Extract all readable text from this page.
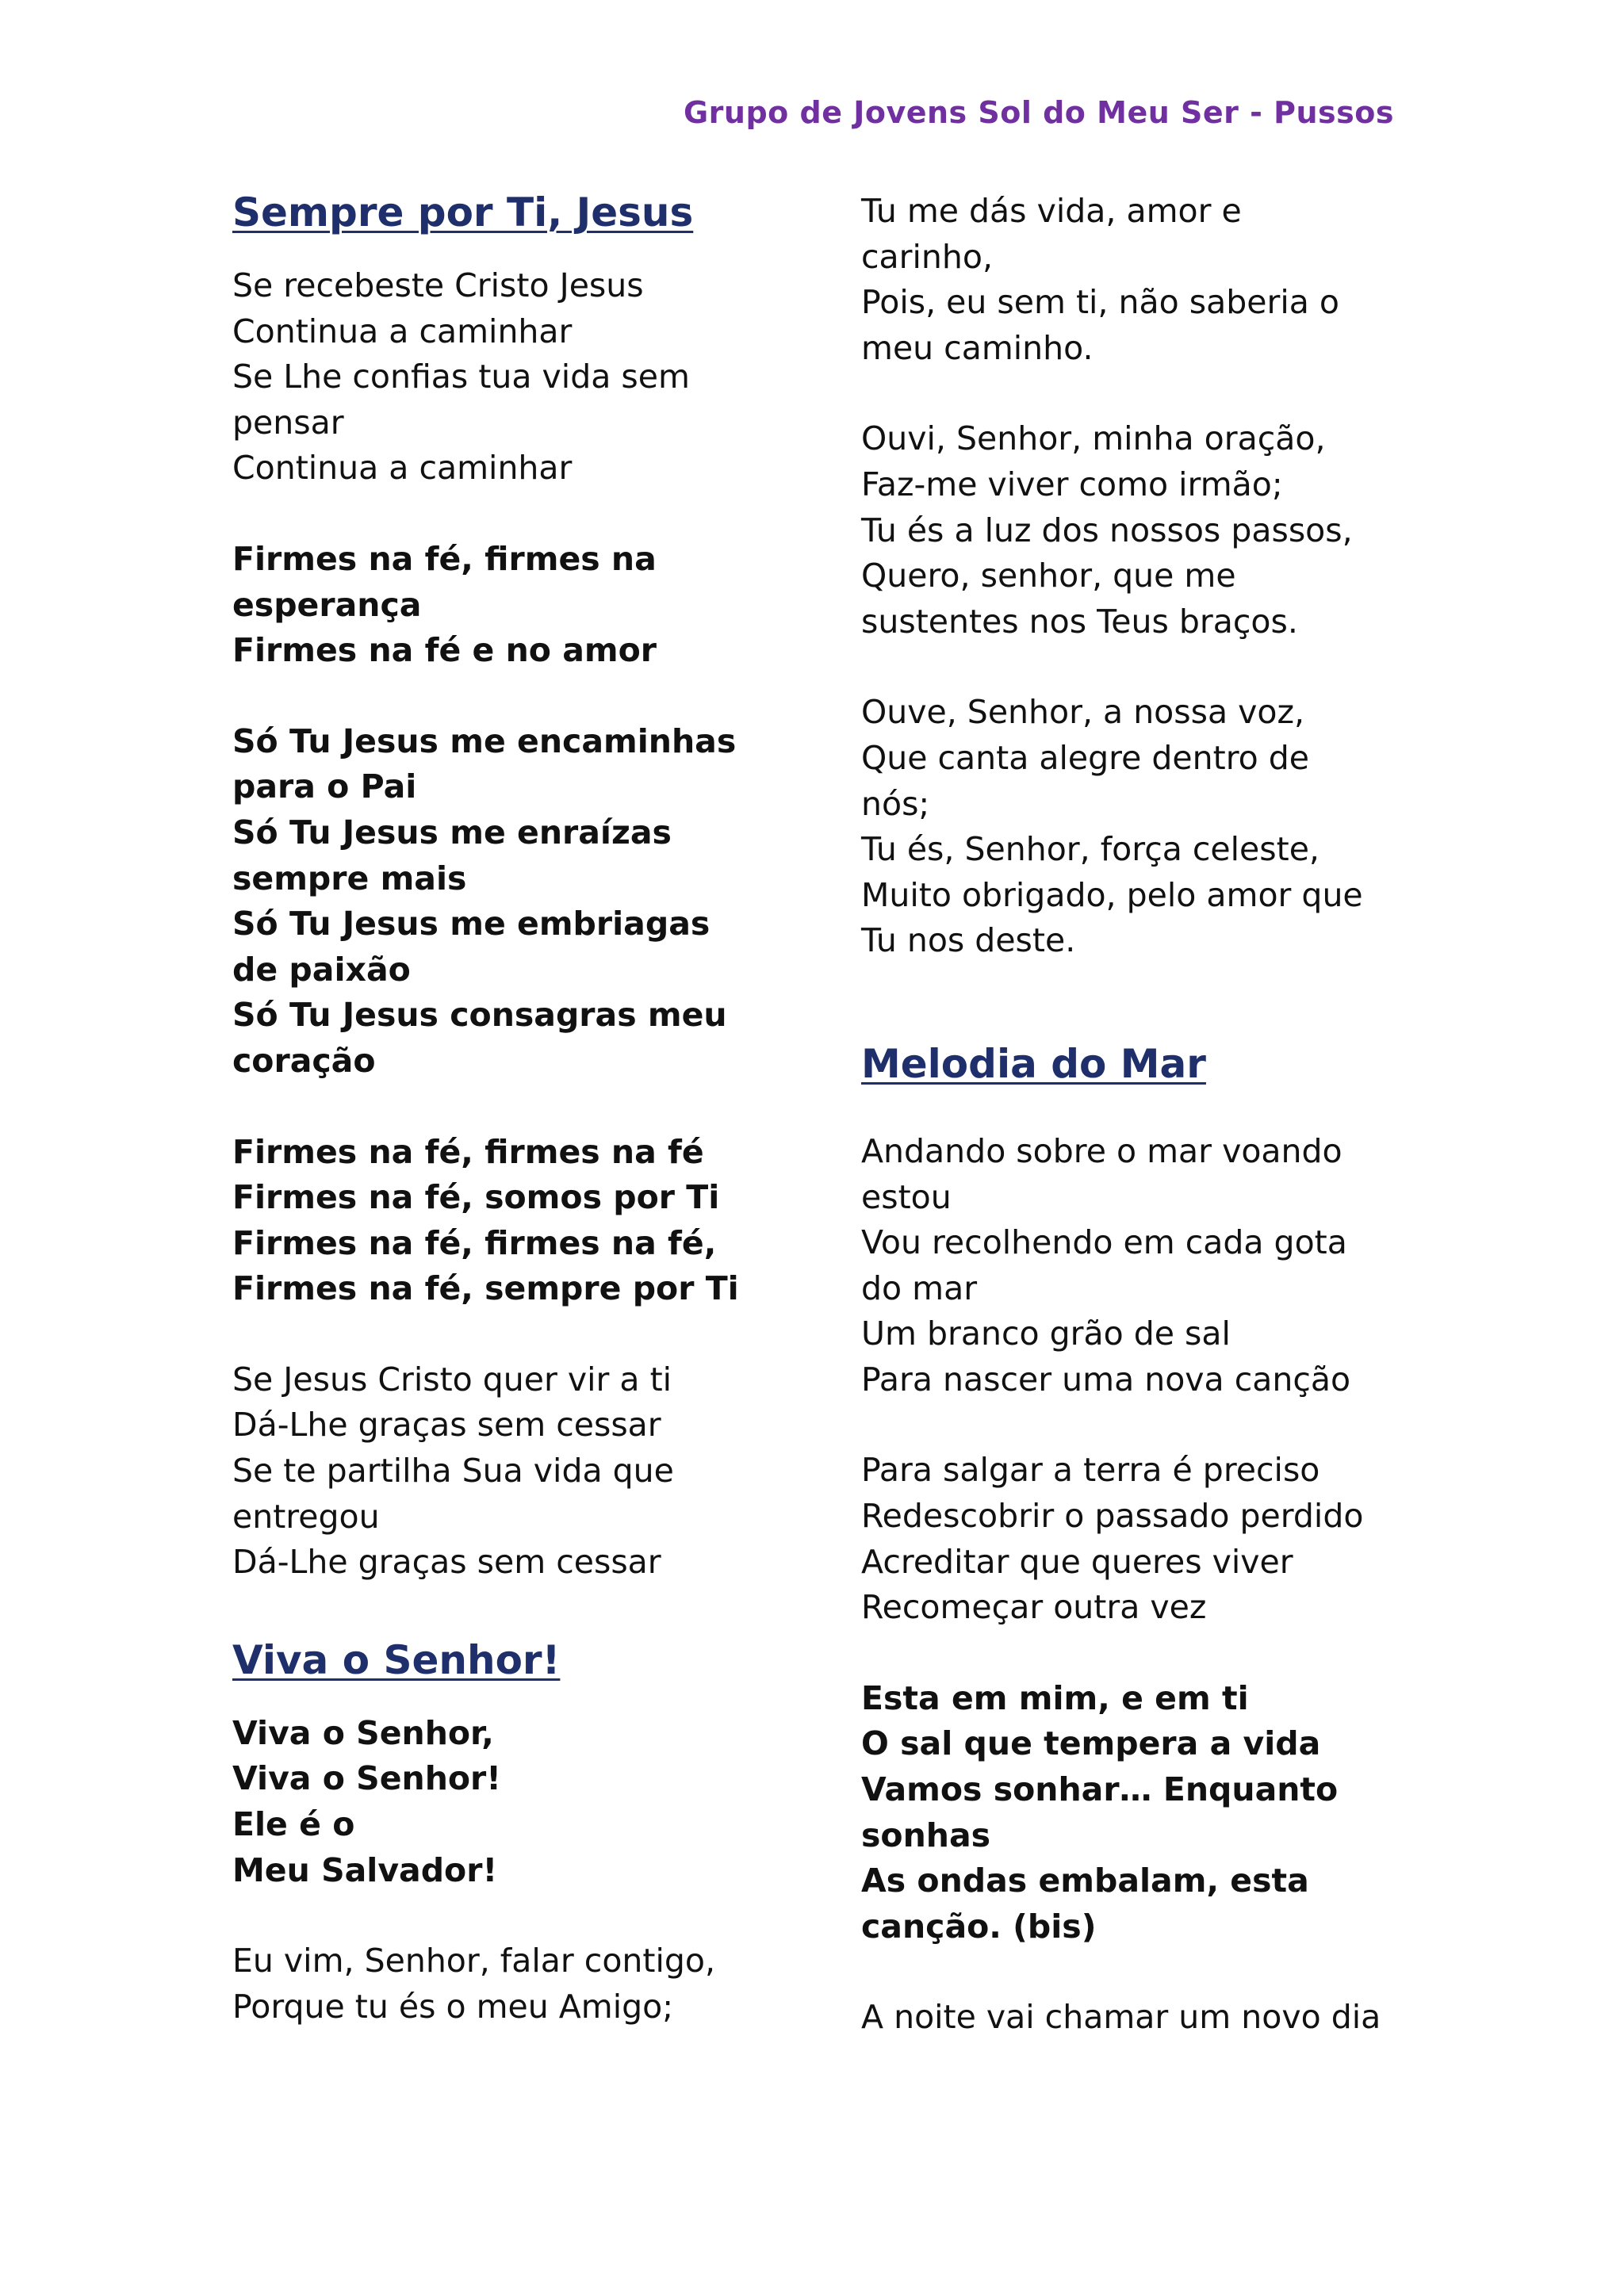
Grupo de Jovens Sol do Meu Ser - Pussos
Sempre por Ti, Jesus

Se recebeste Cristo Jesus
Continua a caminhar
Se Lhe confias tua vida sem
pensar
Continua a caminhar

Firmes na fé, firmes na
esperança
Firmes na fé e no amor

Só Tu Jesus me encaminhas
para o Pai
Só Tu Jesus me enraízas
sempre mais
Só Tu Jesus me embriagas
de paixão
Só Tu Jesus consagras meu
coração

Firmes na fé, firmes na fé
Firmes na fé, somos por Ti
Firmes na fé, firmes na fé,
Firmes na fé, sempre por Ti

Se Jesus Cristo quer vir a ti
Dá-Lhe graças sem cessar
Se te partilha Sua vida que
entregou
Dá-Lhe graças sem cessar

Viva o Senhor!

Viva o Senhor,
Viva o Senhor!
Ele é o
Meu Salvador!

Eu vim, Senhor, falar contigo,
Porque tu és o meu Amigo;

Tu me dás vida, amor e
carinho,
Pois, eu sem ti, não saberia o
meu caminho.

Ouvi, Senhor, minha oração,
Faz-me viver como irmão;
Tu és a luz dos nossos passos,
Quero, senhor, que me
sustentes nos Teus braços.

Ouve, Senhor, a nossa voz,
Que canta alegre dentro de
nós;
Tu és, Senhor, força celeste,
Muito obrigado, pelo amor que
Tu nos deste.

Melodia do Mar

Andando sobre o mar voando
estou
Vou recolhendo em cada gota
do mar
Um branco grão de sal
Para nascer uma nova canção

Para salgar a terra é preciso
Redescobrir o passado perdido
Acreditar que queres viver
Recomeçar outra vez

Esta em mim, e em ti
O sal que tempera a vida
Vamos sonhar… Enquanto
sonhas
As ondas embalam, esta
canção. (bis)

A noite vai chamar um novo dia
